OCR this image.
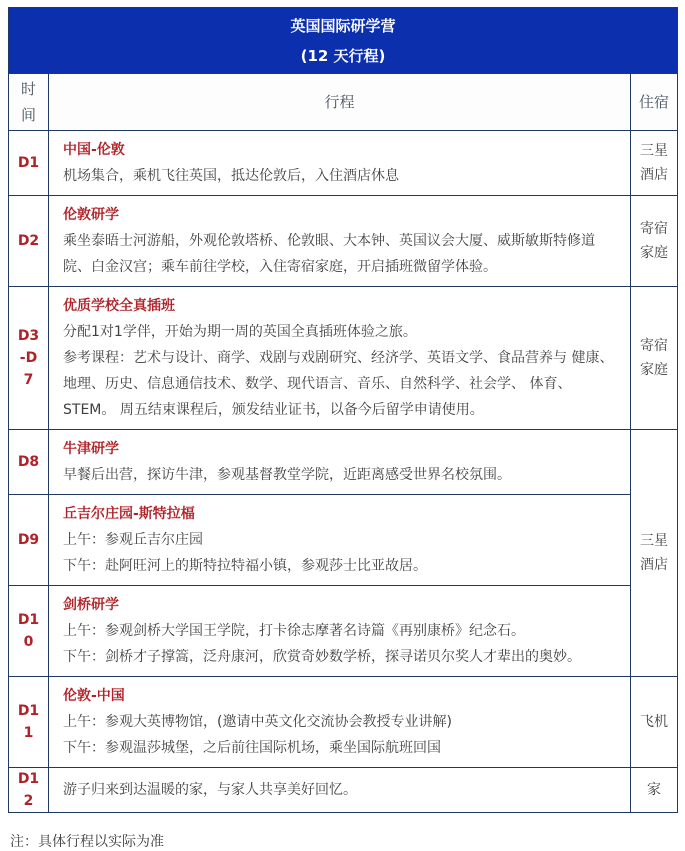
英国国际研学营
(12 天行程)		

时间	行程	住宿
D1	中国-伦敦
机场集合，乘机飞往英国，抵达伦敦后，入住酒店休息	三星酒店
D2	伦敦研学
乘坐泰晤士河游船，外观伦敦塔桥、伦敦眼、大本钟、英国议会大厦、威斯敏斯特修道院、白金汉宫；乘车前往学校，入住寄宿家庭，开启插班微留学体验。	寄宿家庭
D3-D7	优质学校全真插班
分配1对1学伴，开始为期一周的英国全真插班体验之旅。
参考课程：艺术与设计、商学、戏剧与戏剧研究、经济学、英语文学、食品营养与 健康、地理、历史、信息通信技术、数学、现代语言、音乐、自然科学、社会学、 体育、STEM。 周五结束课程后，颁发结业证书，以备今后留学申请使用。	寄宿家庭
D8	牛津研学
早餐后出营，探访牛津，参观基督教堂学院，近距离感受世界名校氛围。	三星酒店
D9	丘吉尔庄园-斯特拉楅
上午：参观丘吉尔庄园
下午：赴阿旺河上的斯特拉特福小镇，参观莎士比亚故居。	

D10	剑桥研学
上午：参观剑桥大学国王学院，打卡徐志摩著名诗篇《再别康桥》纪念石。
下午：剑桥才子撑篙，泛舟康河，欣赏奇妙数学桥，探寻诺贝尔奖人才辈出的奥妙。	

D11	伦敦-中国
上午：参观大英博物馆，(邀请中英文化交流协会教授专业讲解)
下午：参观温莎城堡，之后前往国际机场，乘坐国际航班回国	飞机
D12	游子归来到达温暖的家，与家人共享美好回忆。	家
注：具体行程以实际为准
